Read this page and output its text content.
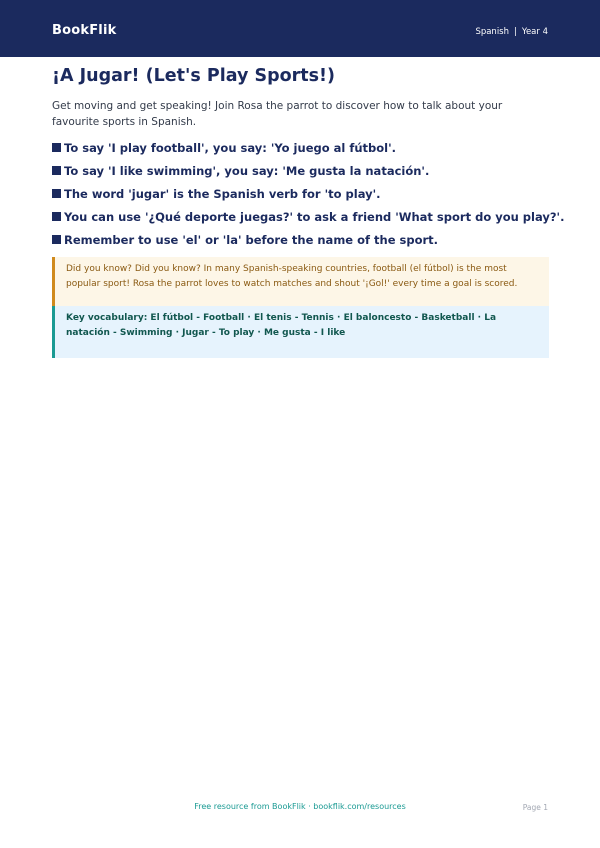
BookFlik	Spanish | Year 4
¡A Jugar! (Let's Play Sports!)

Get moving and get speaking! Join Rosa the parrot to discover how to talk about your favourite sports in Spanish.

To say 'I play football', you say: 'Yo juego al fútbol'.
To say 'I like swimming', you say: 'Me gusta la natación'.
The word 'jugar' is the Spanish verb for 'to play'.
You can use '¿Qué deporte juegas?' to ask a friend 'What sport do you play?'.
Remember to use 'el' or 'la' before the name of the sport.
Did you know? Did you know? In many Spanish-speaking countries, football (el fútbol) is the most popular sport! Rosa the parrot loves to watch matches and shout '¡Gol!' every time a goal is scored.
Key vocabulary: El fútbol - Football · El tenis - Tennis · El baloncesto - Basketball · La natación - Swimming · Jugar - To play · Me gusta - I like
Free resource from BookFlik · bookflik.com/resources	Page 1
